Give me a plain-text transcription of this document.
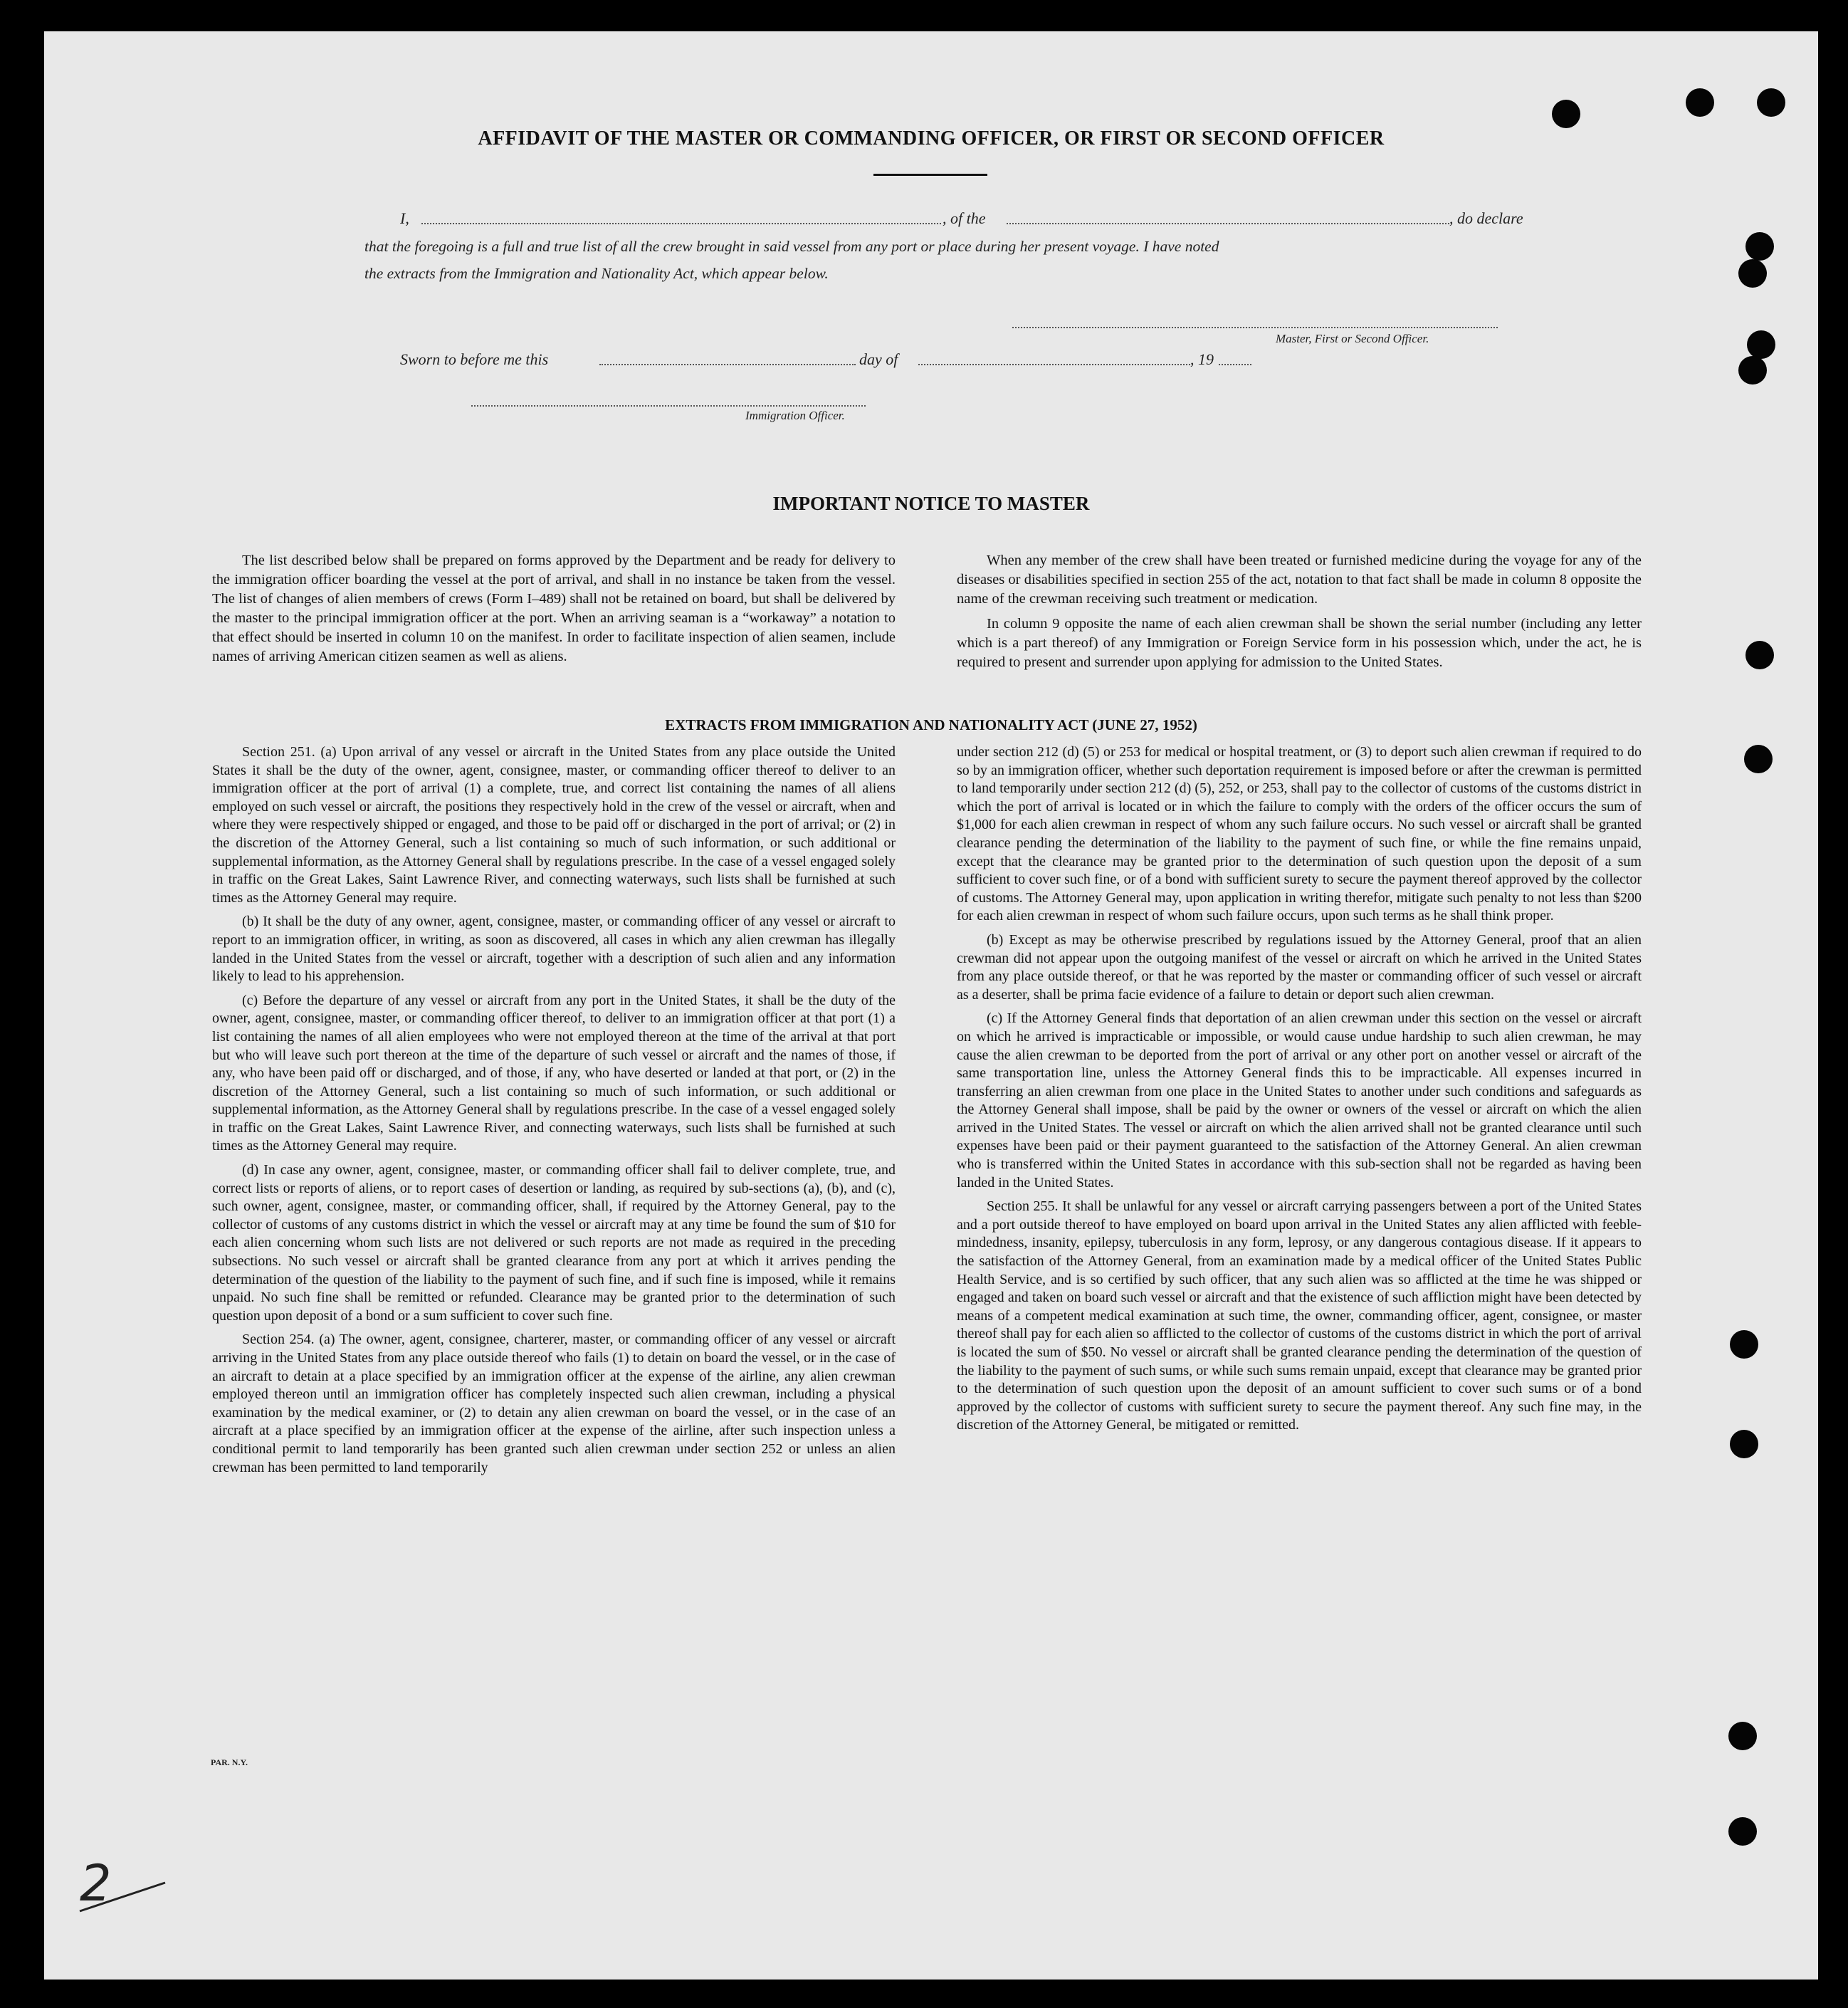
AFFIDAVIT OF THE MASTER OR COMMANDING OFFICER, OR FIRST OR SECOND OFFICER
I,	, of the	, do declare
that the foregoing is a full and true list of all the crew brought in said vessel from any port or place during her present voyage. I have noted
the extracts from the Immigration and Nationality Act, which appear below.
Master, First or Second Officer.
Sworn to before me this	day of	, 19
Immigration Officer.
IMPORTANT NOTICE TO MASTER

The list described below shall be prepared on forms approved by the Department and be ready for delivery to the immigration officer boarding the vessel at the port of arrival, and shall in no instance be taken from the vessel. The list of changes of alien members of crews (Form I–489) shall not be retained on board, but shall be delivered by the master to the principal immigration officer at the port. When an arriving seaman is a “workaway” a notation to that effect should be inserted in column 10 on the manifest. In order to facilitate inspection of alien seamen, include names of arriving American citizen seamen as well as aliens.

When any member of the crew shall have been treated or furnished medicine during the voyage for any of the diseases or disabilities specified in section 255 of the act, notation to that fact shall be made in column 8 opposite the name of the crewman receiving such treatment or medication.

In column 9 opposite the name of each alien crewman shall be shown the serial number (including any letter which is a part thereof) of any Immigration or Foreign Service form in his possession which, under the act, he is required to present and surrender upon applying for admission to the United States.

EXTRACTS FROM IMMIGRATION AND NATIONALITY ACT (JUNE 27, 1952)

Section 251. (a) Upon arrival of any vessel or aircraft in the United States from any place outside the United States it shall be the duty of the owner, agent, consignee, master, or commanding officer thereof to deliver to an immigration officer at the port of arrival (1) a complete, true, and correct list containing the names of all aliens employed on such vessel or aircraft, the positions they respectively hold in the crew of the vessel or aircraft, when and where they were respectively shipped or engaged, and those to be paid off or discharged in the port of arrival; or (2) in the discretion of the Attorney General, such a list containing so much of such information, or such additional or supplemental information, as the Attorney General shall by regulations prescribe. In the case of a vessel engaged solely in traffic on the Great Lakes, Saint Lawrence River, and connecting waterways, such lists shall be furnished at such times as the Attorney General may require.

(b) It shall be the duty of any owner, agent, consignee, master, or commanding officer of any vessel or aircraft to report to an immigration officer, in writing, as soon as discovered, all cases in which any alien crewman has illegally landed in the United States from the vessel or aircraft, together with a description of such alien and any information likely to lead to his apprehension.

(c) Before the departure of any vessel or aircraft from any port in the United States, it shall be the duty of the owner, agent, consignee, master, or commanding officer thereof, to deliver to an immigration officer at that port (1) a list containing the names of all alien employees who were not employed thereon at the time of the arrival at that port but who will leave such port thereon at the time of the departure of such vessel or aircraft and the names of those, if any, who have been paid off or discharged, and of those, if any, who have deserted or landed at that port, or (2) in the discretion of the Attorney General, such a list containing so much of such information, or such additional or supplemental information, as the Attorney General shall by regulations prescribe. In the case of a vessel engaged solely in traffic on the Great Lakes, Saint Lawrence River, and connecting waterways, such lists shall be furnished at such times as the Attorney General may require.

(d) In case any owner, agent, consignee, master, or commanding officer shall fail to deliver complete, true, and correct lists or reports of aliens, or to report cases of desertion or landing, as required by sub-sections (a), (b), and (c), such owner, agent, consignee, master, or commanding officer, shall, if required by the Attorney General, pay to the collector of customs of any customs district in which the vessel or aircraft may at any time be found the sum of $10 for each alien concerning whom such lists are not delivered or such reports are not made as required in the preceding subsections. No such vessel or aircraft shall be granted clearance from any port at which it arrives pending the determination of the question of the liability to the payment of such fine, and if such fine is imposed, while it remains unpaid. No such fine shall be remitted or refunded. Clearance may be granted prior to the determination of such question upon deposit of a bond or a sum sufficient to cover such fine.

Section 254. (a) The owner, agent, consignee, charterer, master, or commanding officer of any vessel or aircraft arriving in the United States from any place outside thereof who fails (1) to detain on board the vessel, or in the case of an aircraft to detain at a place specified by an immigration officer at the expense of the airline, any alien crewman employed thereon until an immigration officer has completely inspected such alien crewman, including a physical examination by the medical examiner, or (2) to detain any alien crewman on board the vessel, or in the case of an aircraft at a place specified by an immigration officer at the expense of the airline, after such inspection unless a conditional permit to land temporarily has been granted such alien crewman under section 252 or unless an alien crewman has been permitted to land temporarily

under section 212 (d) (5) or 253 for medical or hospital treatment, or (3) to deport such alien crewman if required to do so by an immigration officer, whether such deportation requirement is imposed before or after the crewman is permitted to land temporarily under section 212 (d) (5), 252, or 253, shall pay to the collector of customs of the customs district in which the port of arrival is located or in which the failure to comply with the orders of the officer occurs the sum of $1,000 for each alien crewman in respect of whom any such failure occurs. No such vessel or aircraft shall be granted clearance pending the determination of the liability to the payment of such fine, or while the fine remains unpaid, except that the clearance may be granted prior to the determination of such question upon the deposit of a sum sufficient to cover such fine, or of a bond with sufficient surety to secure the payment thereof approved by the collector of customs. The Attorney General may, upon application in writing therefor, mitigate such penalty to not less than $200 for each alien crewman in respect of whom such failure occurs, upon such terms as he shall think proper.

(b) Except as may be otherwise prescribed by regulations issued by the Attorney General, proof that an alien crewman did not appear upon the outgoing manifest of the vessel or aircraft on which he arrived in the United States from any place outside thereof, or that he was reported by the master or commanding officer of such vessel or aircraft as a deserter, shall be prima facie evidence of a failure to detain or deport such alien crewman.

(c) If the Attorney General finds that deportation of an alien crewman under this section on the vessel or aircraft on which he arrived is impracticable or impossible, or would cause undue hardship to such alien crewman, he may cause the alien crewman to be deported from the port of arrival or any other port on another vessel or aircraft of the same transportation line, unless the Attorney General finds this to be impracticable. All expenses incurred in transferring an alien crewman from one place in the United States to another under such conditions and safeguards as the Attorney General shall impose, shall be paid by the owner or owners of the vessel or aircraft on which the alien arrived in the United States. The vessel or aircraft on which the alien arrived shall not be granted clearance until such expenses have been paid or their payment guaranteed to the satisfaction of the Attorney General. An alien crewman who is transferred within the United States in accordance with this sub-section shall not be regarded as having been landed in the United States.

Section 255. It shall be unlawful for any vessel or aircraft carrying passengers between a port of the United States and a port outside thereof to have employed on board upon arrival in the United States any alien afflicted with feeble-mindedness, insanity, epilepsy, tuberculosis in any form, leprosy, or any dangerous contagious disease. If it appears to the satisfaction of the Attorney General, from an examination made by a medical officer of the United States Public Health Service, and is so certified by such officer, that any such alien was so afflicted at the time he was shipped or engaged and taken on board such vessel or aircraft and that the existence of such affliction might have been detected by means of a competent medical examination at such time, the owner, commanding officer, agent, consignee, or master thereof shall pay for each alien so afflicted to the collector of customs of the customs district in which the port of arrival is located the sum of $50. No vessel or aircraft shall be granted clearance pending the determination of the question of the liability to the payment of such sums, or while such sums remain unpaid, except that clearance may be granted prior to the determination of such question upon the deposit of an amount sufficient to cover such sums or of a bond approved by the collector of customs with sufficient surety to secure the payment thereof. Any such fine may, in the discretion of the Attorney General, be mitigated or remitted.

PAR. N.Y.
2
